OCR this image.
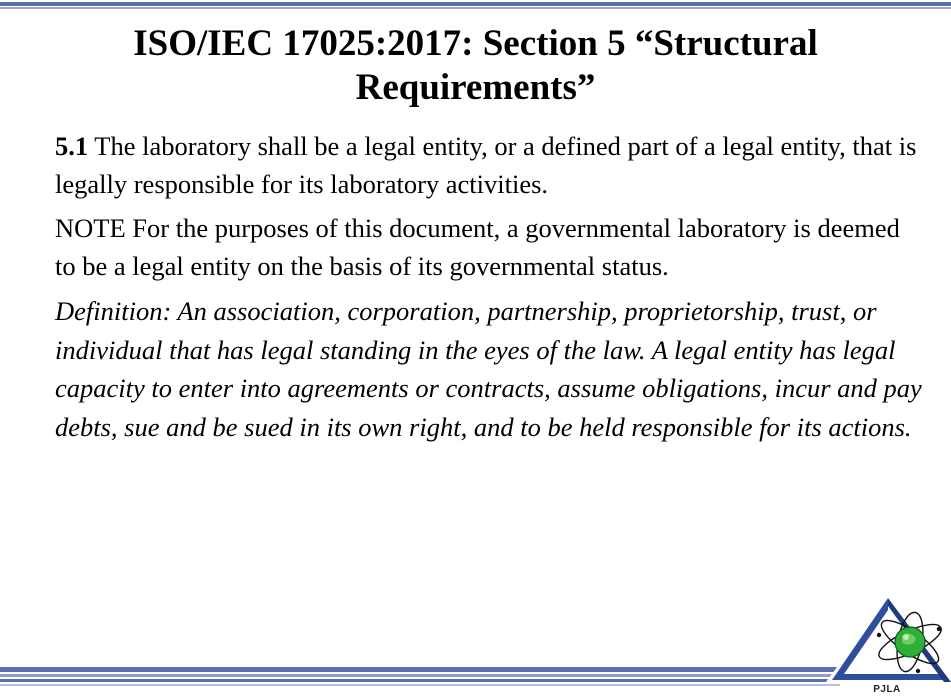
ISO/IEC 17025:2017: Section 5 “Structural Requirements”

5.1 The laboratory shall be a legal entity, or a defined part of a legal entity, that is legally responsible for its laboratory activities.

NOTE For the purposes of this document, a governmental laboratory is deemed to be a legal entity on the basis of its governmental status.

Definition: An association, corporation, partnership, proprietorship, trust, or individual that has legal standing in the eyes of the law. A legal entity has legal capacity to enter into agreements or contracts, assume obligations, incur and pay debts, sue and be sued in its own right, and to be held responsible for its actions.

PJLA
